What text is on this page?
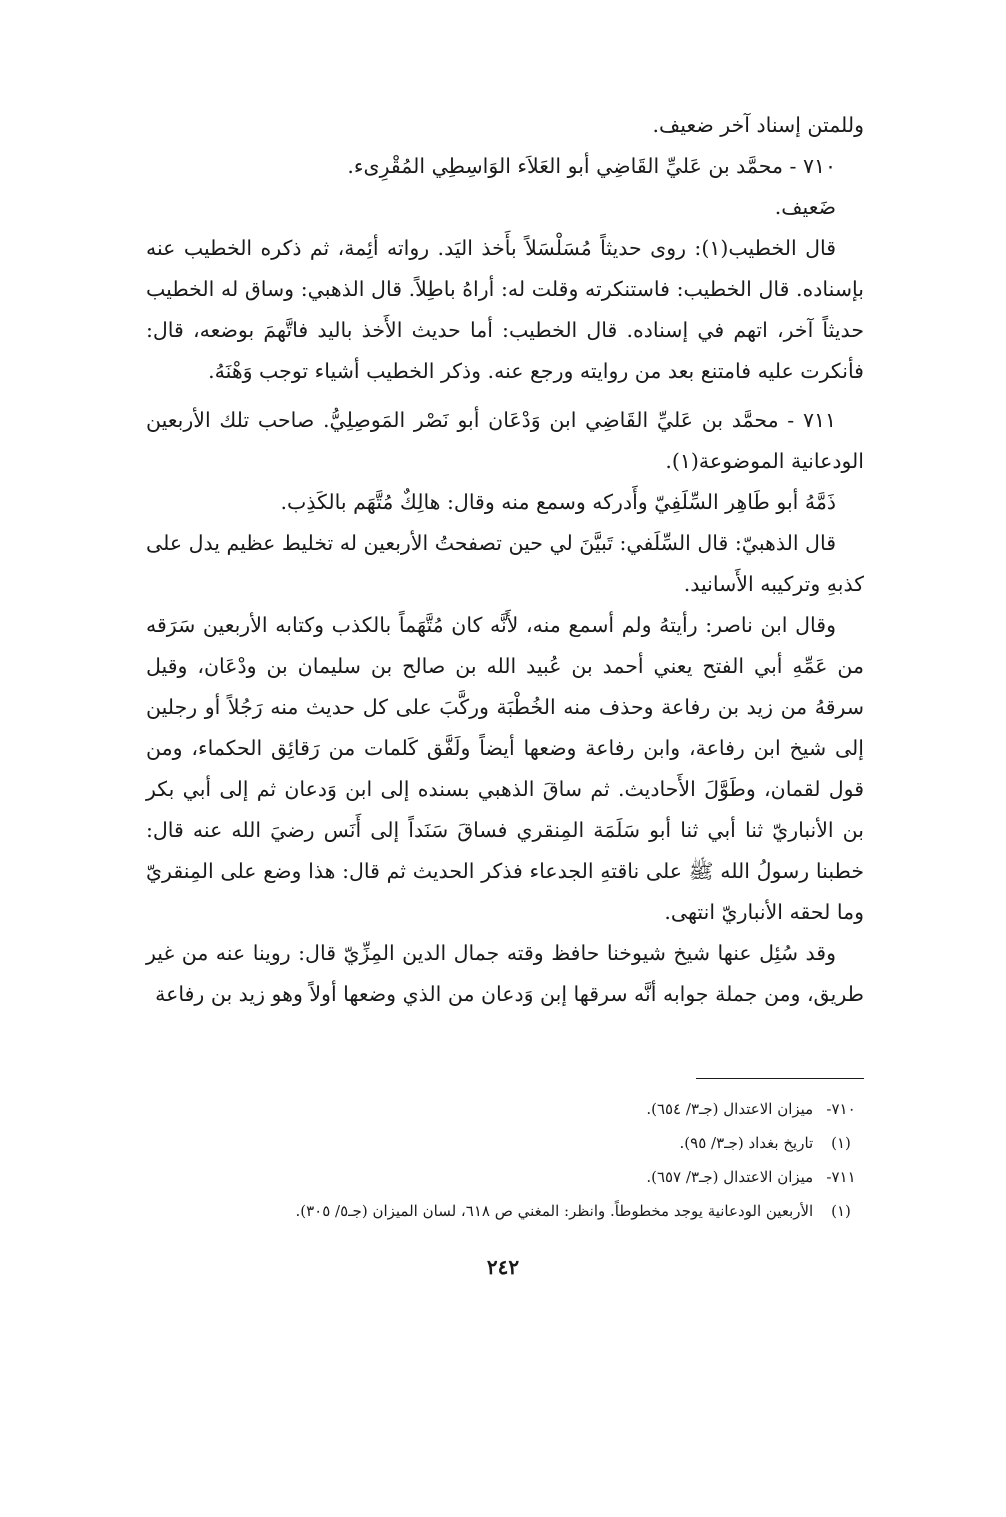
وللمتن إسناد آخر ضعيف.

٧١٠ - محمَّد بن عَليِّ القَاضِي أبو العَلاَء الوَاسِطِي المُقْرِىء.

ضَعيف.

قال الخطيب(١): روى حديثاً مُسَلْسَلاً بأَخذ اليَد. رواته أئِمة، ثم ذكره الخطيب عنه بإسناده. قال الخطيب: فاستنكرته وقلت له: أراهُ باطِلاً. قال الذهبي: وساق له الخطيب حديثاً آخر، اتهم في إسناده. قال الخطيب: أما حديث الأَخذ باليد فاتَّهمَ بوضعه، قال: فأنكرت عليه فامتنع بعد من روايته ورجع عنه. وذكر الخطيب أشياء توجب وَهْنَهُ.

٧١١ - محمَّد بن عَليِّ القَاضِي ابن وَدْعَان أبو نَصْر المَوصِلِيُّ. صاحب تلك الأربعين الودعانية الموضوعة(١).

ذَمَّهُ أبو طَاهِر السِّلَفِيّ وأَدركه وسمع منه وقال: هالِكٌ مُتَّهَم بالكَذِب.

قال الذهبيّ: قال السِّلَفي: تَبيَّنَ لي حين تصفحتُ الأربعين له تخليط عظيم يدل على كذبهِ وتركيبه الأَسانيد.

وقال ابن ناصر: رأيتهُ ولم أسمع منه، لأَنَّه كان مُتَّهَماً بالكذب وكتابه الأربعين سَرَقه من عَمِّهِ أبي الفتح يعني أحمد بن عُبيد الله بن صالح بن سليمان بن ودْعَان، وقيل سرقهُ من زيد بن رفاعة وحذف منه الخُطْبَة وركَّبَ على كل حديث منه رَجُلاً أو رجلين إلى شيخ ابن رفاعة، وابن رفاعة وضعها أيضاً ولَفَّق كَلمات من رَقائِق الحكماء، ومن قول لقمان، وطَوَّلَ الأَحاديث. ثم ساقَ الذهبي بسنده إلى ابن وَدعان ثم إلى أبي بكر بن الأنباريّ ثنا أبي ثنا أبو سَلَمَة المِنقري فساقَ سَنَداً إلى أَنَس رضيَ الله عنه قال: خطبنا رسولُ الله ﷺ على ناقتهِ الجدعاء فذكر الحديث ثم قال: هذا وضع على المِنقريّ وما لحقه الأنباريّ انتهى.

وقد سُئِل عنها شيخ شيوخنا حافظ وقته جمال الدين المِزِّيّ قال: روينا عنه من غير طريق، ومن جملة جوابه أنَّه سرقها إبن وَدعان من الذي وضعها أولاً وهو زيد بن رفاعة

٧١٠- ميزان الاعتدال (جـ٣/ ٦٥٤).

(١) تاريخ بغداد (جـ٣/ ٩٥).

٧١١- ميزان الاعتدال (جـ٣/ ٦٥٧).

(١) الأربعين الودعانية يوجد مخطوطاً. وانظر: المغني ص ٦١٨، لسان الميزان (جـ٥/ ٣٠٥).

٢٤٢
